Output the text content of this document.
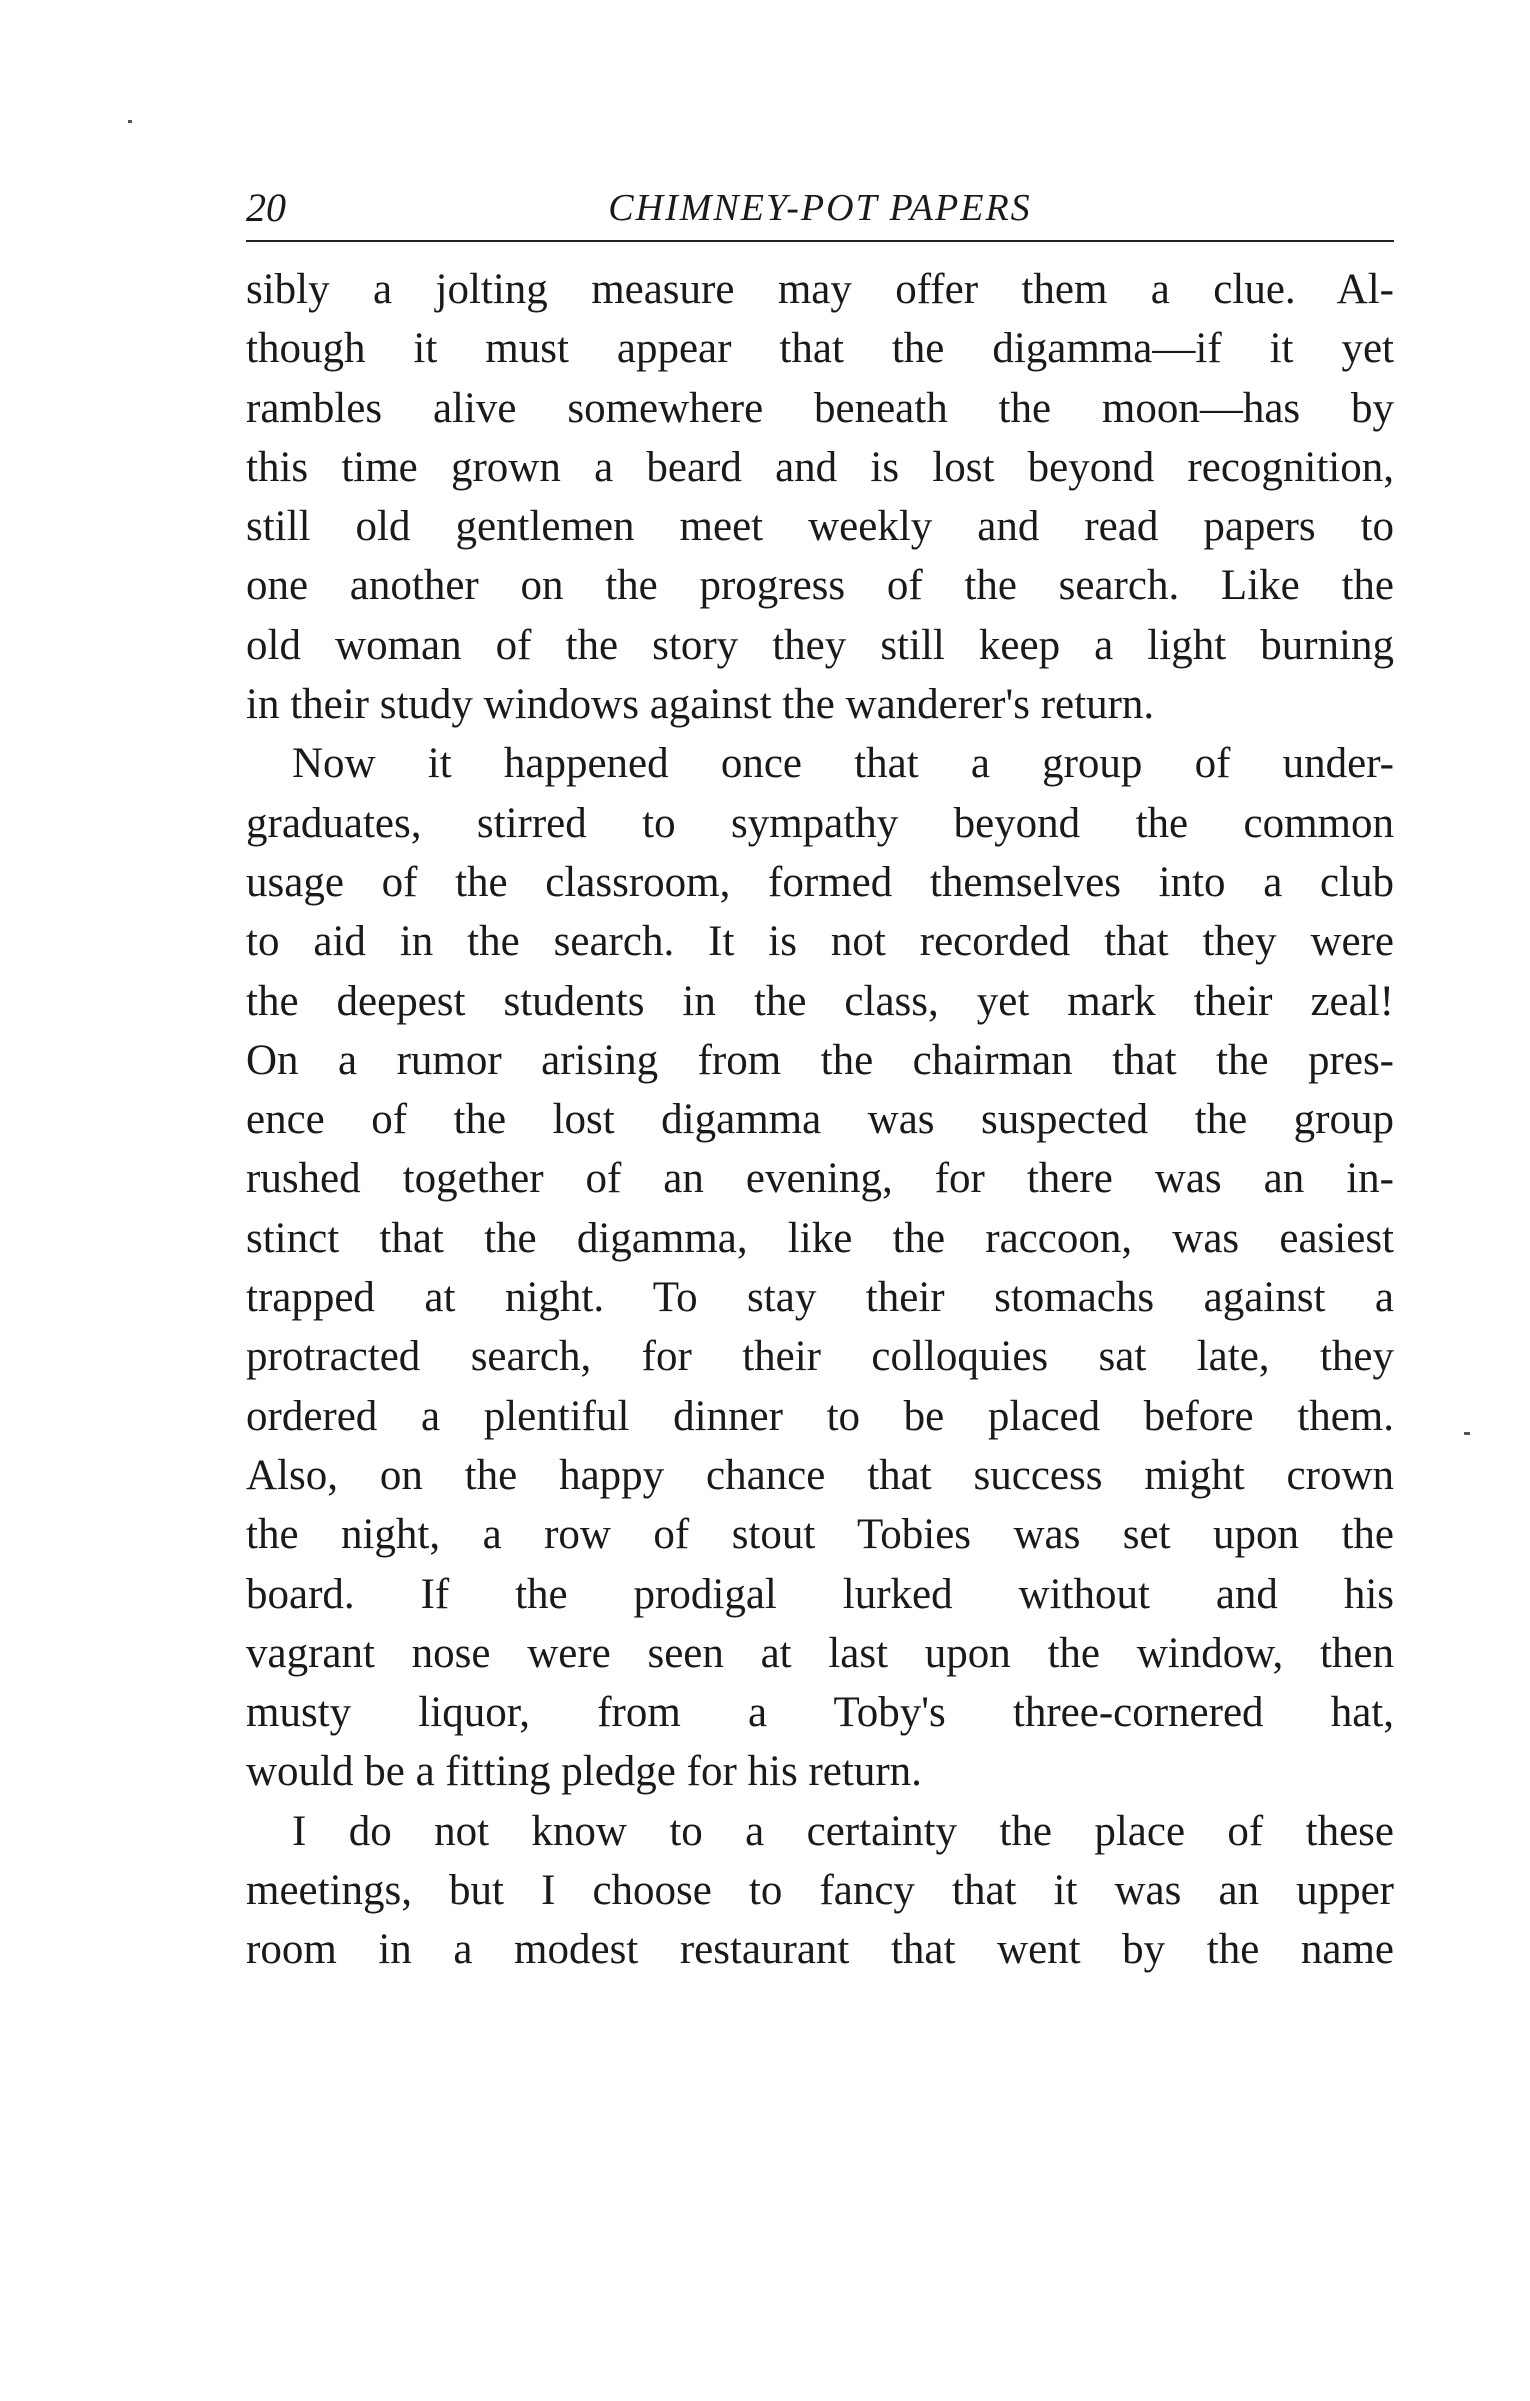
20	CHIMNEY-POT PAPERS
sibly a jolting measure may offer them a clue. Al-
though it must appear that the digamma—if it yet
rambles alive somewhere beneath the moon—has by
this time grown a beard and is lost beyond recognition,
still old gentlemen meet weekly and read papers to
one another on the progress of the search. Like the
old woman of the story they still keep a light burning
in their study windows against the wanderer's return.
Now it happened once that a group of under-
graduates, stirred to sympathy beyond the common
usage of the classroom, formed themselves into a club
to aid in the search. It is not recorded that they were
the deepest students in the class, yet mark their zeal!
On a rumor arising from the chairman that the pres-
ence of the lost digamma was suspected the group
rushed together of an evening, for there was an in-
stinct that the digamma, like the raccoon, was easiest
trapped at night. To stay their stomachs against a
protracted search, for their colloquies sat late, they
ordered a plentiful dinner to be placed before them.
Also, on the happy chance that success might crown
the night, a row of stout Tobies was set upon the
board. If the prodigal lurked without and his
vagrant nose were seen at last upon the window, then
musty liquor, from a Toby's three-cornered hat,
would be a fitting pledge for his return.
I do not know to a certainty the place of these
meetings, but I choose to fancy that it was an upper
room in a modest restaurant that went by the name
